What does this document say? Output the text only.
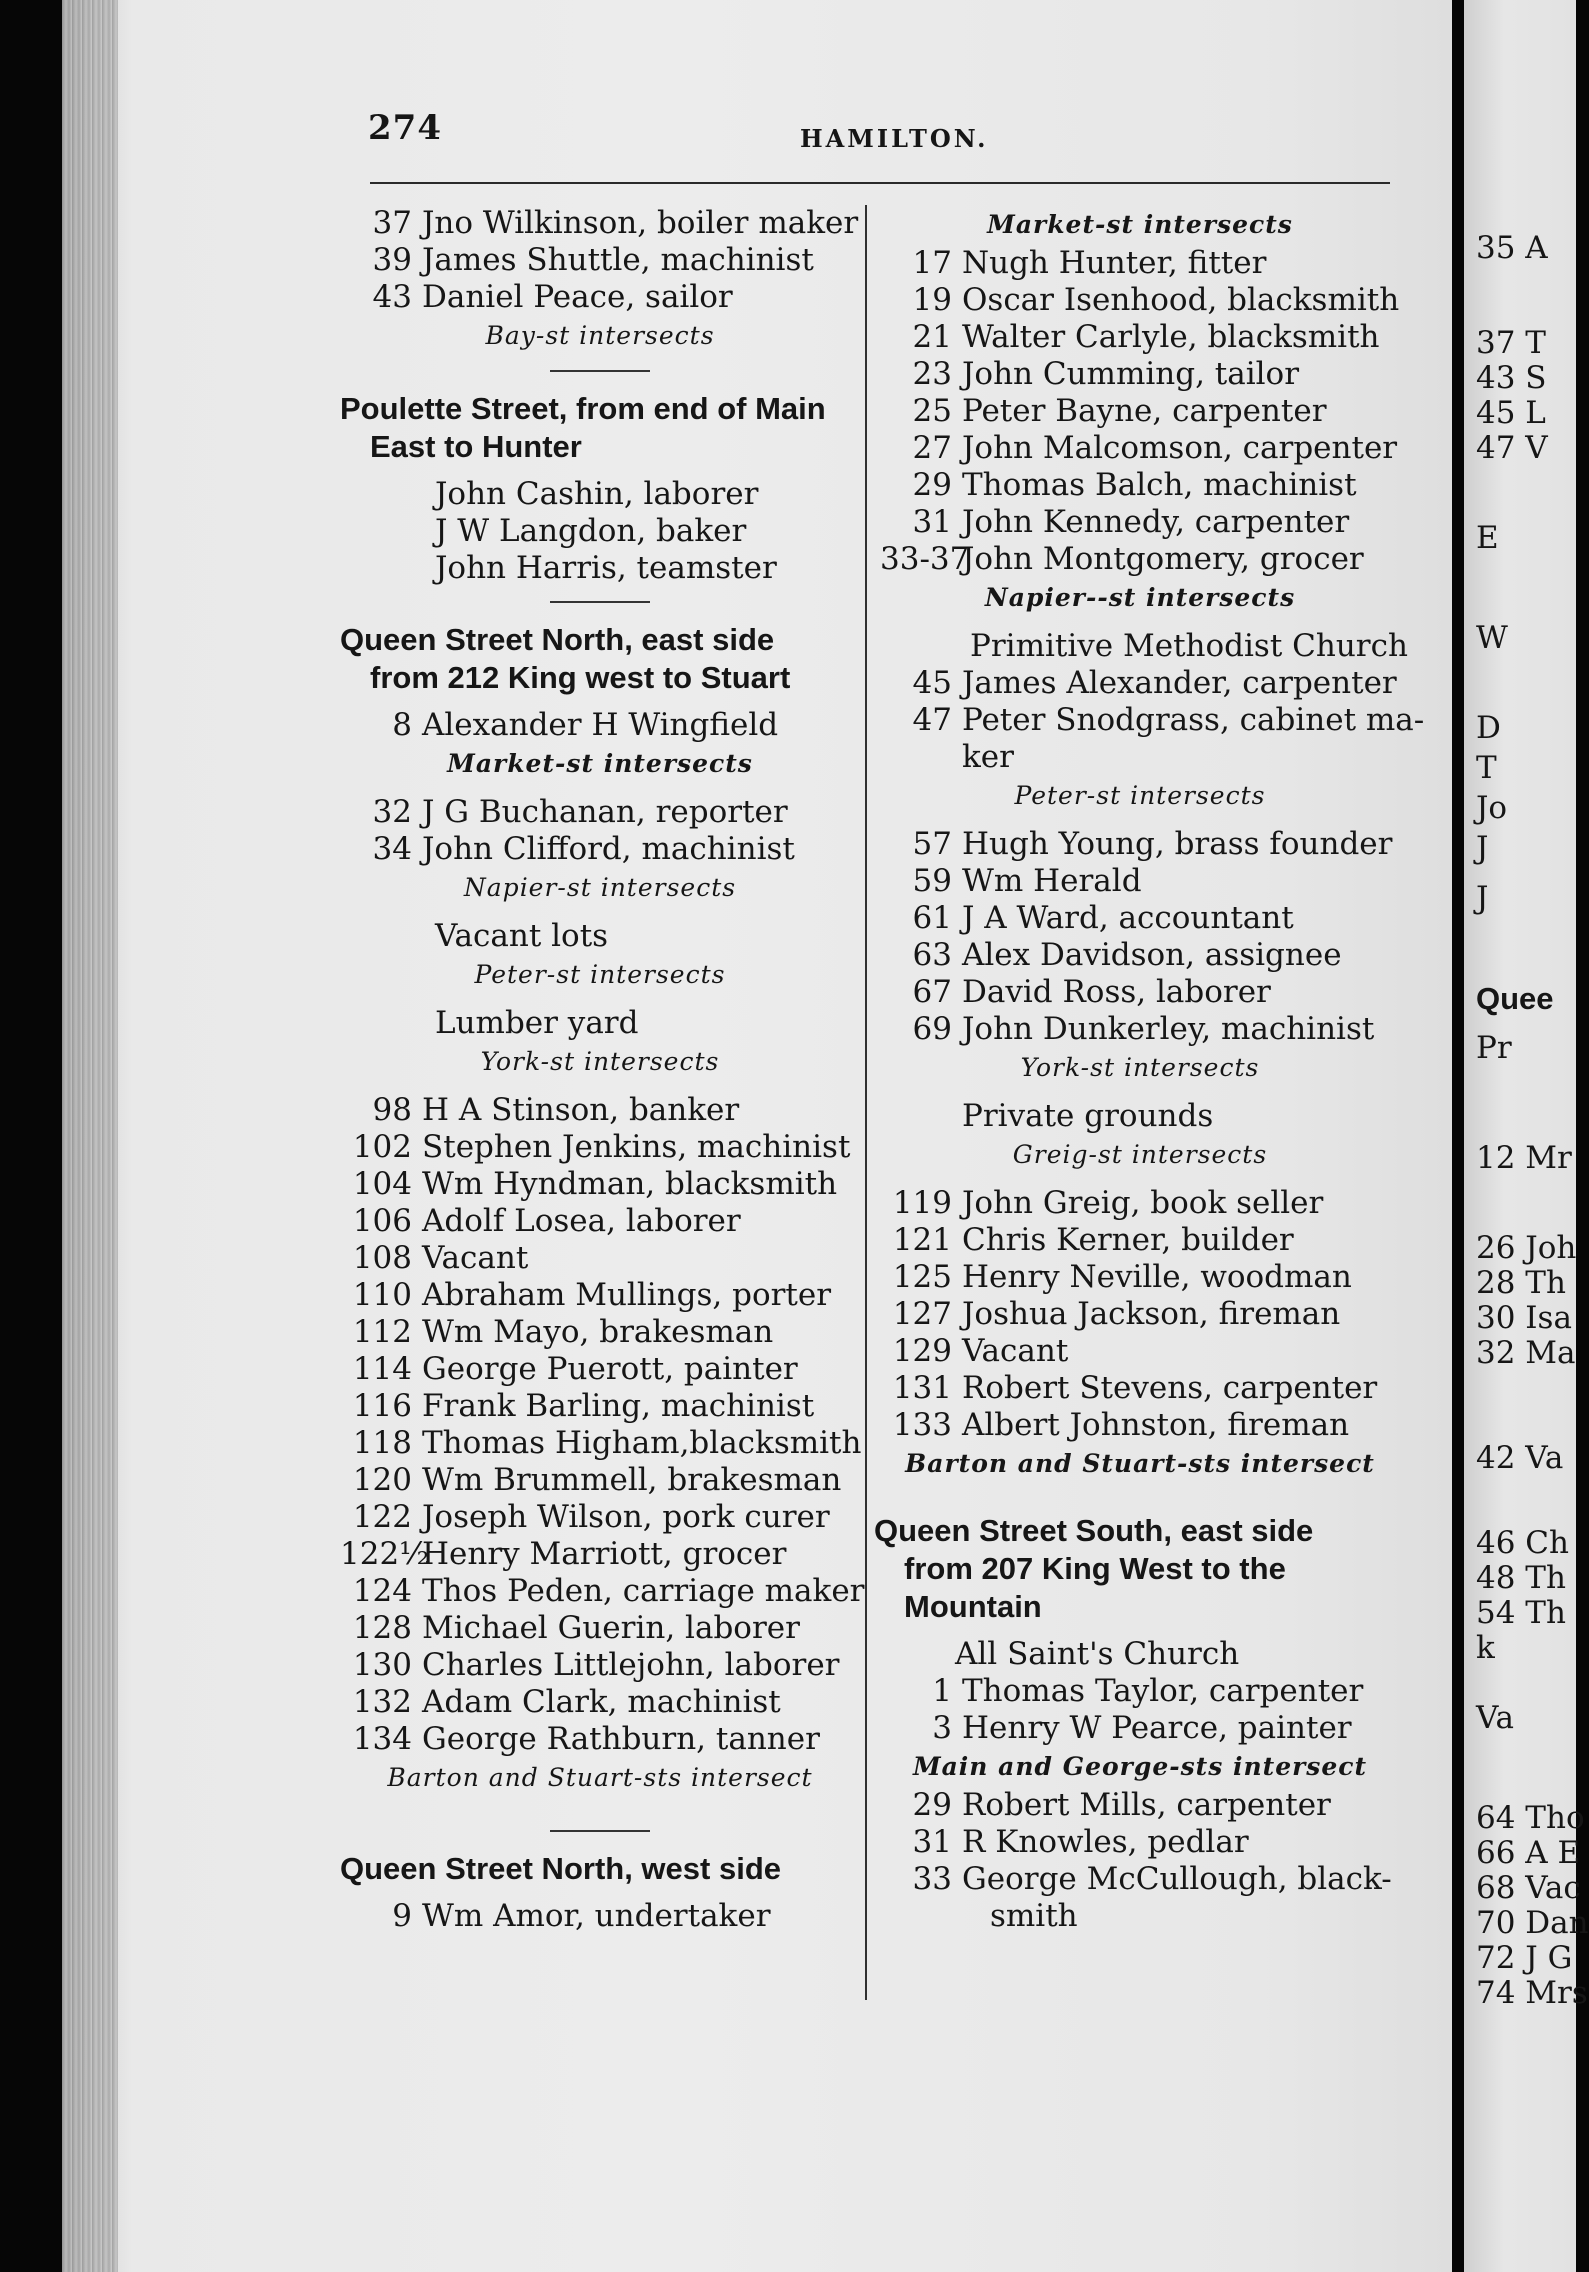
274	HAMILTON.
37 Jno Wilkinson, boiler maker
39 James Shuttle, machinist
43 Daniel Peace, sailor
Bay-st intersects
Poulette Street, from end of Main
East to Hunter
John Cashin, laborer
J W Langdon, baker
John Harris, teamster
Queen Street North, east side
from 212 King west to Stuart
8 Alexander H Wingfield
Market-st intersects
32 J G Buchanan, reporter
34 John Clifford, machinist
Napier-st intersects
Vacant lots
Peter-st intersects
Lumber yard
York-st intersects
98 H A Stinson, banker
102 Stephen Jenkins, machinist
104 Wm Hyndman, blacksmith
106 Adolf Losea, laborer
108 Vacant
110 Abraham Mullings, porter
112 Wm Mayo, brakesman
114 George Puerott, painter
116 Frank Barling, machinist
118 Thomas Higham,blacksmith
120 Wm Brummell, brakesman
122 Joseph Wilson, pork curer
122½Henry Marriott, grocer
124 Thos Peden, carriage maker
128 Michael Guerin, laborer
130 Charles Littlejohn, laborer
132 Adam Clark, machinist
134 George Rathburn, tanner
Barton and Stuart-sts intersect
Queen Street North, west side
9 Wm Amor, undertaker
Market-st intersects
17 Nugh Hunter, fitter
19 Oscar Isenhood, blacksmith
21 Walter Carlyle, blacksmith
23 John Cumming, tailor
25 Peter Bayne, carpenter
27 John Malcomson, carpenter
29 Thomas Balch, machinist
31 John Kennedy, carpenter
33-37John Montgomery, grocer
Napier--st intersects
Primitive Methodist Church
45 James Alexander, carpenter
47 Peter Snodgrass, cabinet ma-
ker
Peter-st intersects
57 Hugh Young, brass founder
59 Wm Herald
61 J A Ward, accountant
63 Alex Davidson, assignee
67 David Ross, laborer
69 John Dunkerley, machinist
York-st intersects
Private grounds
Greig-st intersects
119 John Greig, book seller
121 Chris Kerner, builder
125 Henry Neville, woodman
127 Joshua Jackson, fireman
129 Vacant
131 Robert Stevens, carpenter
133 Albert Johnston, fireman
Barton and Stuart-sts intersect
Queen Street South, east side
from 207 King West to the
Mountain
All Saint's Church
1 Thomas Taylor, carpenter
3 Henry W Pearce, painter
Main and George-sts intersect
29 Robert Mills, carpenter
31 R Knowles, pedlar
33 George McCullough, black-
smith
35 A
37 T
43 S
45 L
47 V
E
W
D
T
Jo
J
J
Quee
Pr
12 Mr
26 Joh
28 Th
30 Isa
32 Ma
42 Va
46 Ch
48 Th
54 Th
k
Va
64 Tho
66 A E
68 Vac
70 Dan
72 J G
74 Mrs
